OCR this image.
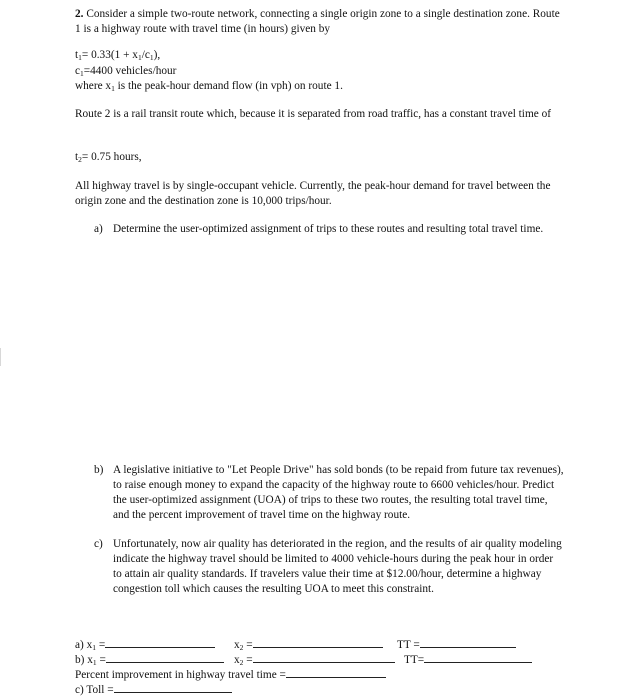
2. Consider a simple two-route network, connecting a single origin zone to a single destination zone. Route 1 is a highway route with travel time (in hours) given by
$t_1= 0.33(1 + x_1/c_1)$,
$c_1=4400$ vehicles/hour
where $x_1$ is the peak-hour demand flow (in vph) on route 1.
Route 2 is a rail transit route which, because it is separated from road traffic, has a constant travel time of
$t_2= 0.75$ hours,
All highway travel is by single-occupant vehicle. Currently, the peak-hour demand for travel between the origin zone and the destination zone is 10,000 trips/hour.
a) Determine the user-optimized assignment of trips to these routes and resulting total travel time.
b) A legislative initiative to "Let People Drive" has sold bonds (to be repaid from future tax revenues), to raise enough money to expand the capacity of the highway route to 6600 vehicles/hour. Predict the user-optimized assignment (UOA) of trips to these two routes, the resulting total travel time, and the percent improvement of travel time on the highway route.
c) Unfortunately, now air quality has deteriorated in the region, and the results of air quality modeling indicate the highway travel should be limited to 4000 vehicle-hours during the peak hour in order to attain air quality standards. If travelers value their time at $12.00/hour, determine a highway congestion toll which causes the resulting UOA to meet this constraint.
a) $x_1$ =	$x_2$ =	TT =
b) $x_1$ =	$x_2$ =	TT=
Percent improvement in highway travel time =
c) Toll =
